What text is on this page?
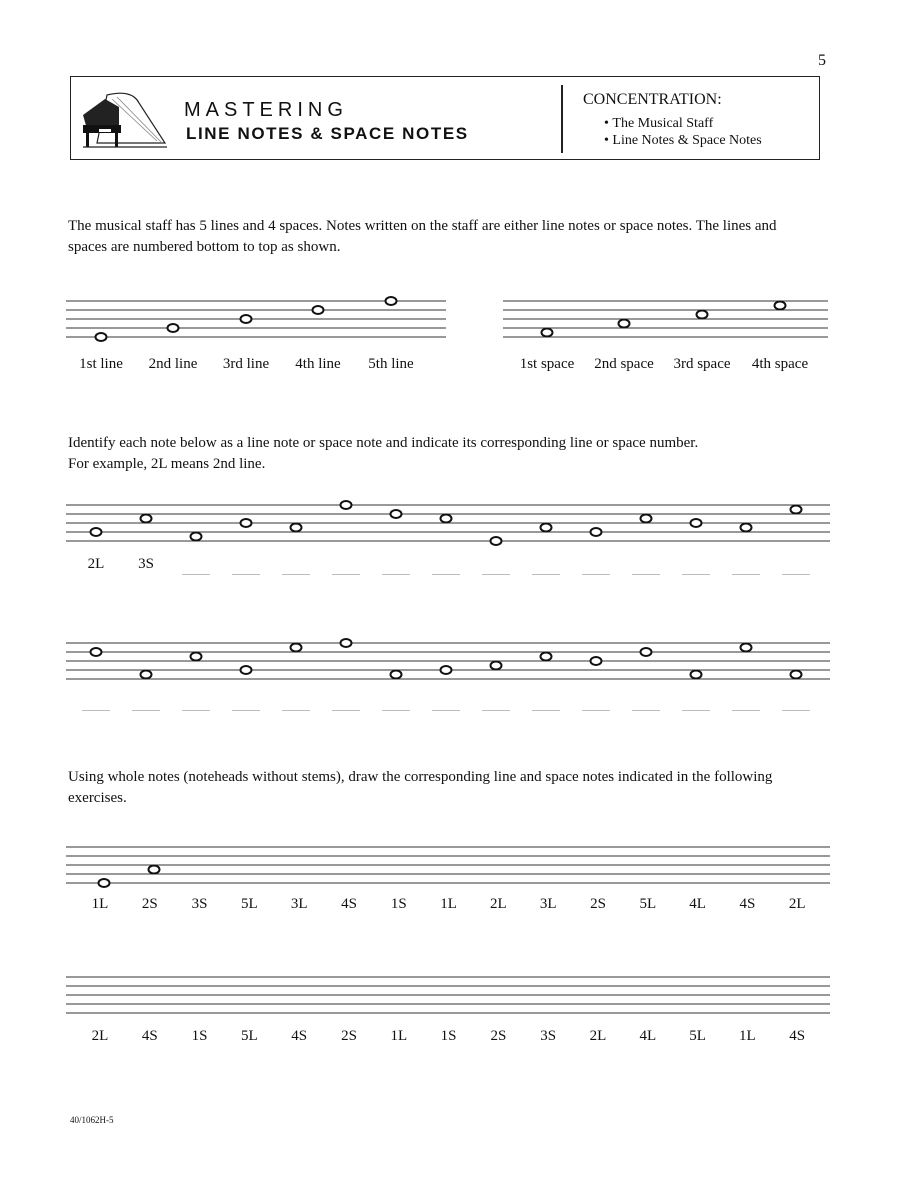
5
MASTERING
LINE NOTES & SPACE NOTES
CONCENTRATION:
• The Musical Staff
• Line Notes & Space Notes
The musical staff has 5 lines and 4 spaces. Notes written on the staff are either line notes or space notes. The lines and spaces are numbered bottom to top as shown.
1st line 2nd line 3rd line 4th line 5th line	1st space 2nd space 3rd space 4th space
Identify each note below as a line note or space note and indicate its corresponding line or space number.
For example, 2L means 2nd line.
2L 3S
Using whole notes (noteheads without stems), draw the corresponding line and space notes indicated in the following exercises.
1L 2S 3S 5L 3L 4S 1S 1L 2L 3L 2S 5L 4L 4S 2L
2L 4S 1S 5L 4S 2S 1L 1S 2S 3S 2L 4L 5L 1L 4S
40/1062H-5
